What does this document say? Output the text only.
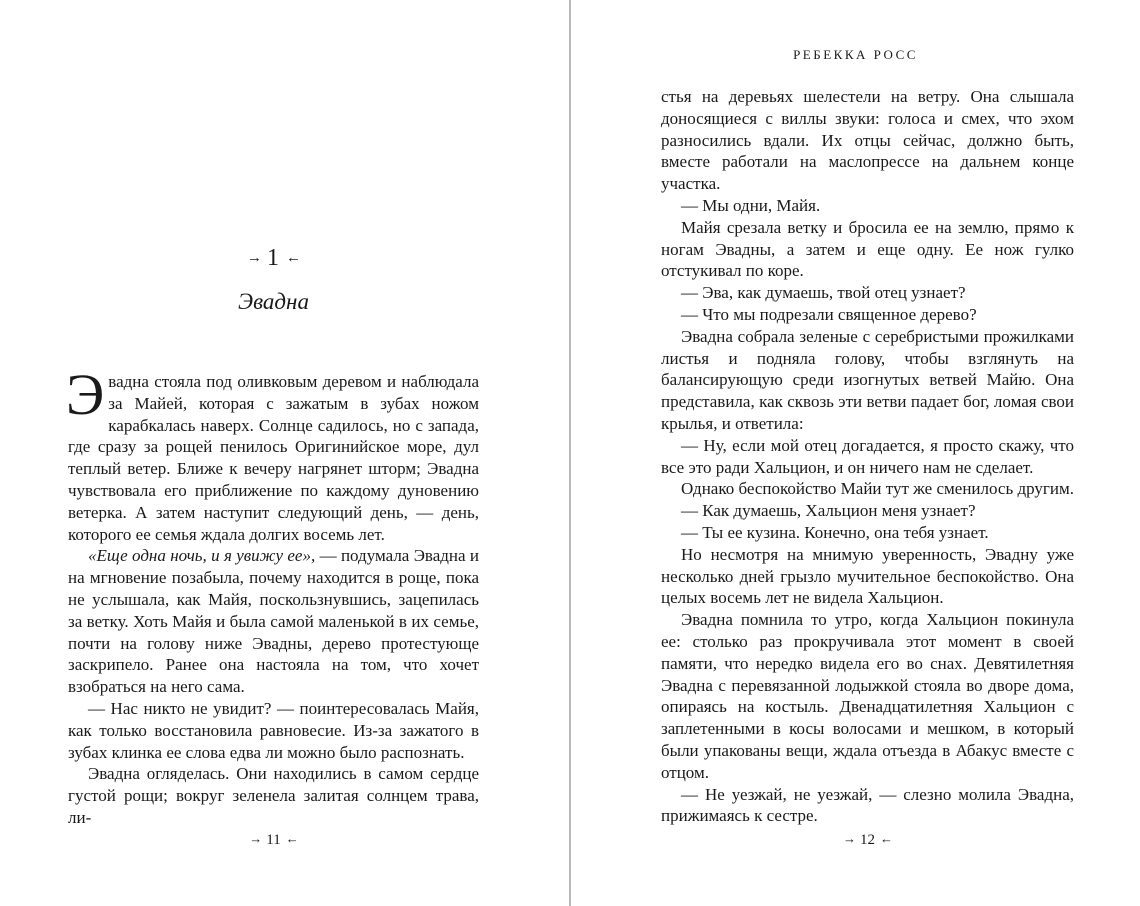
→ 1 ←
Эвадна

Эвадна стояла под оливковым деревом и наблюдала за Майей, которая с зажатым в зубах ножом карабкалась наверх. Солнце садилось, но с запада, где сразу за рощей пенилось Оригинийское море, дул теплый ветер. Ближе к вечеру нагрянет шторм; Эвадна чувствовала его приближение по каждому дуновению ветерка. А затем наступит следующий день, — день, которого ее семья ждала долгих восемь лет.

«Еще одна ночь, и я увижу ее», — подумала Эвадна и на мгновение позабыла, почему находится в роще, пока не услышала, как Майя, поскользнувшись, зацепилась за ветку. Хоть Майя и была самой маленькой в их семье, почти на голову ниже Эвадны, дерево протестующе заскрипело. Ранее она настояла на том, что хочет взобраться на него сама.

— Нас никто не увидит? — поинтересовалась Майя, как только восстановила равновесие. Из-за зажатого в зубах клинка ее слова едва ли можно было распознать.

Эвадна огляделась. Они находились в самом сердце густой рощи; вокруг зеленела залитая солнцем трава, ли-

→ 11 ←
РЕБЕККА РОСС

стья на деревьях шелестели на ветру. Она слышала доносящиеся с виллы звуки: голоса и смех, что эхом разносились вдали. Их отцы сейчас, должно быть, вместе работали на маслопрессе на дальнем конце участка.

— Мы одни, Майя.

Майя срезала ветку и бросила ее на землю, прямо к ногам Эвадны, а затем и еще одну. Ее нож гулко отстукивал по коре.

— Эва, как думаешь, твой отец узнает?

— Что мы подрезали священное дерево?

Эвадна собрала зеленые с серебристыми прожилками листья и подняла голову, чтобы взглянуть на балансирующую среди изогнутых ветвей Майю. Она представила, как сквозь эти ветви падает бог, ломая свои крылья, и ответила:

— Ну, если мой отец догадается, я просто скажу, что все это ради Хальцион, и он ничего нам не сделает.

Однако беспокойство Майи тут же сменилось другим.

— Как думаешь, Хальцион меня узнает?

— Ты ее кузина. Конечно, она тебя узнает.

Но несмотря на мнимую уверенность, Эвадну уже несколько дней грызло мучительное беспокойство. Она целых восемь лет не видела Хальцион.

Эвадна помнила то утро, когда Хальцион покинула ее: столько раз прокручивала этот момент в своей памяти, что нередко видела его во снах. Девятилетняя Эвадна с перевязанной лодыжкой стояла во дворе дома, опираясь на костыль. Двенадцатилетняя Хальцион с заплетенными в косы волосами и мешком, в который были упакованы вещи, ждала отъезда в Абакус вместе с отцом.

— Не уезжай, не уезжай, — слезно молила Эвадна, прижимаясь к сестре.

→ 12 ←
